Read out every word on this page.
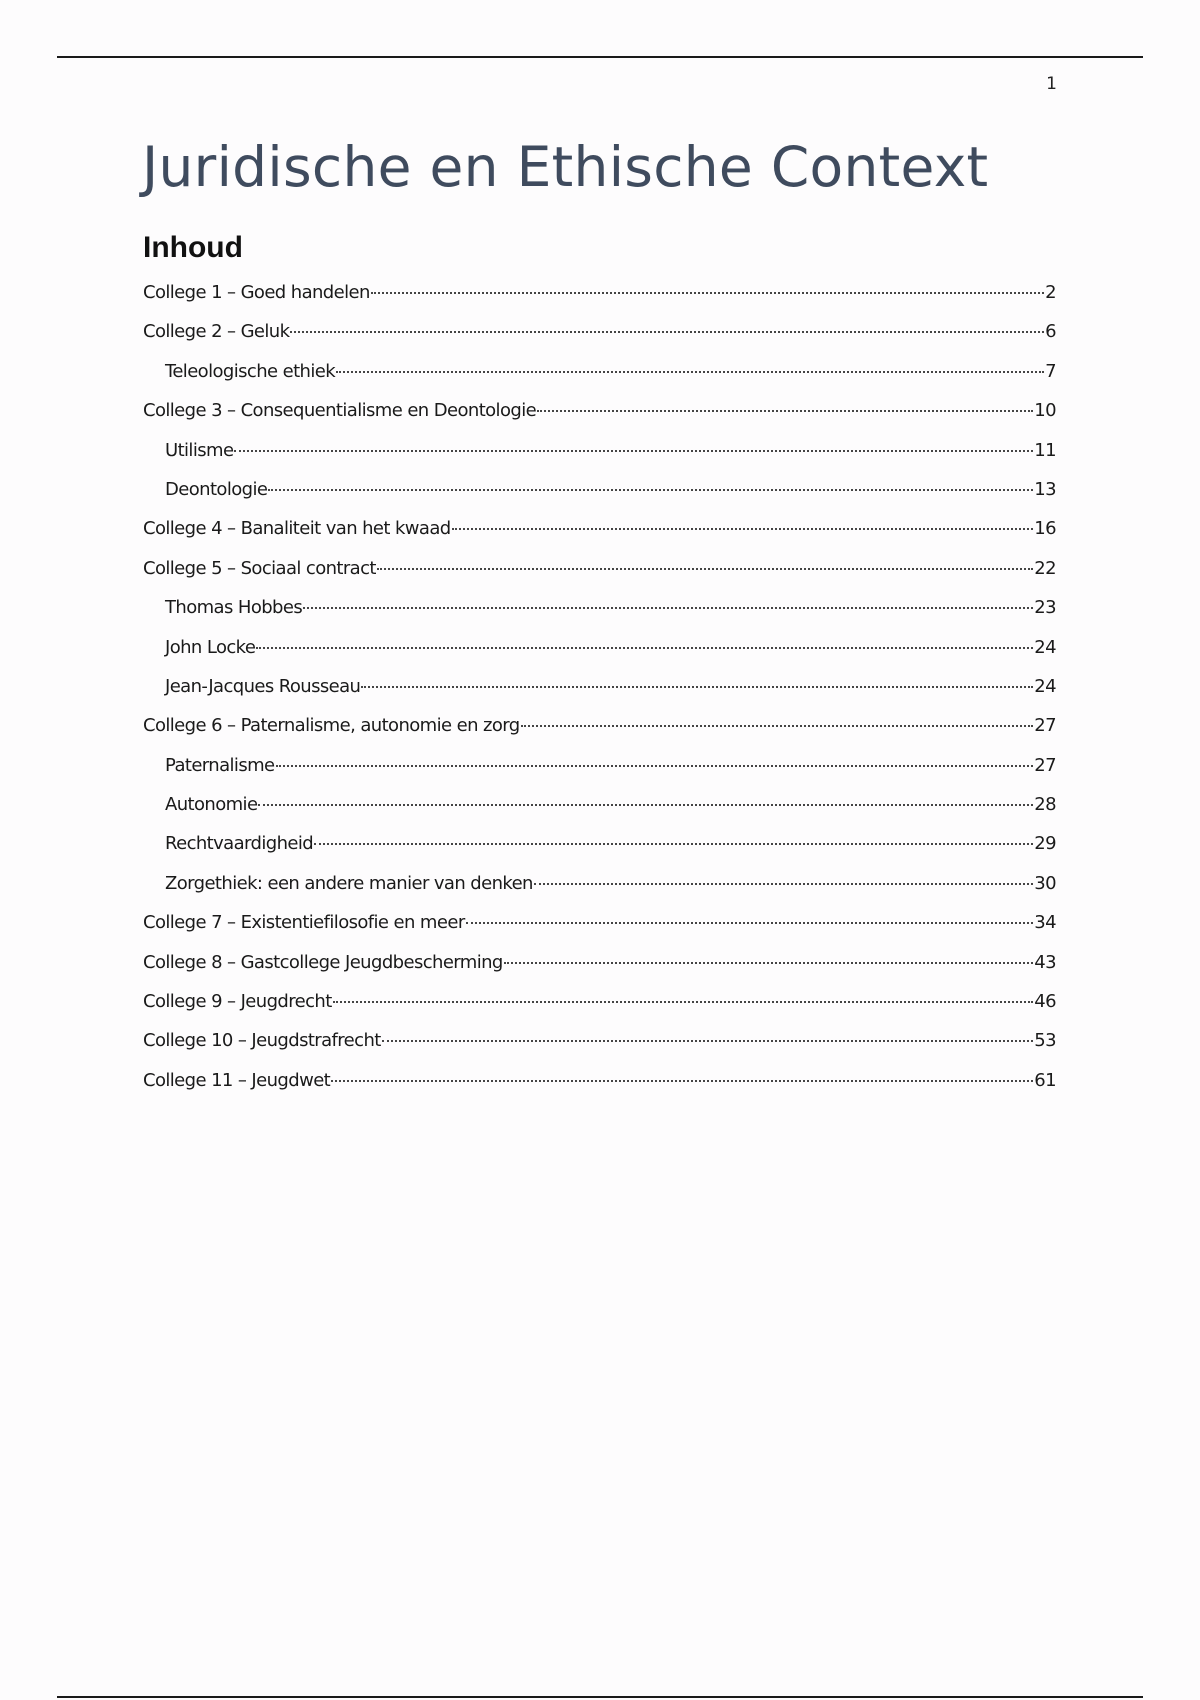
1
Juridische en Ethische Context
Inhoud
College 1 – Goed handelen	2
College 2 – Geluk	6
Teleologische ethiek	7
College 3 – Consequentialisme en Deontologie	10
Utilisme	11
Deontologie	13
College 4 – Banaliteit van het kwaad	16
College 5 – Sociaal contract	22
Thomas Hobbes	23
John Locke	24
Jean-Jacques Rousseau	24
College 6 – Paternalisme, autonomie en zorg	27
Paternalisme	27
Autonomie	28
Rechtvaardigheid	29
Zorgethiek: een andere manier van denken	30
College 7 – Existentiefilosofie en meer	34
College 8 – Gastcollege Jeugdbescherming	43
College 9 – Jeugdrecht	46
College 10 – Jeugdstrafrecht	53
College 11 – Jeugdwet	61
